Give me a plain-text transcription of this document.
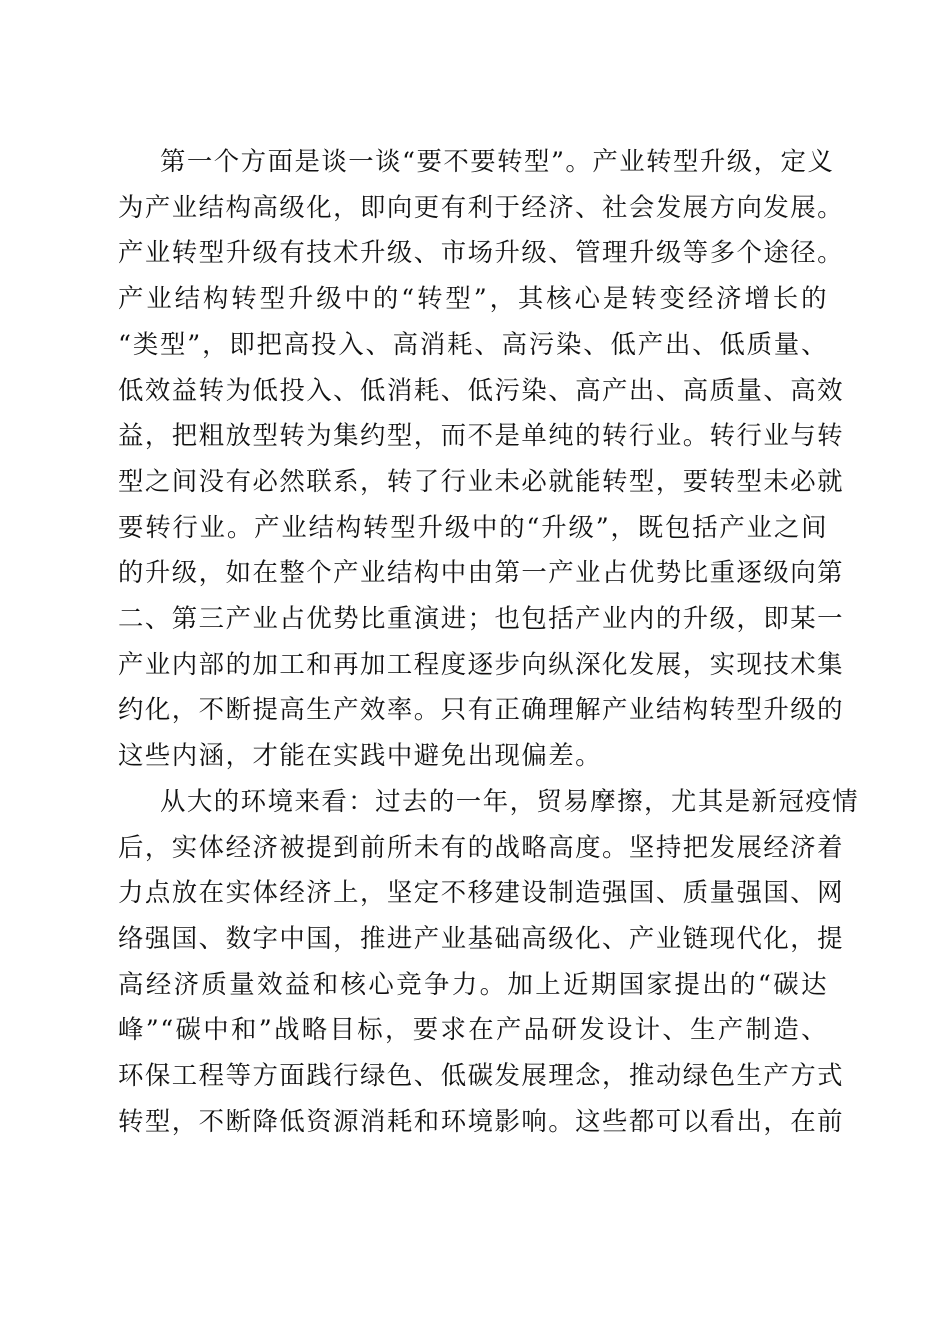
第一个方面是谈一谈“要不要转型”。产业转型升级，定义
为产业结构高级化，即向更有利于经济、社会发展方向发展。
产业转型升级有技术升级、市场升级、管理升级等多个途径。
产业结构转型升级中的“转型”，其核心是转变经济增长的
“类型”，即把高投入、高消耗、高污染、低产出、低质量、
低效益转为低投入、低消耗、低污染、高产出、高质量、高效
益，把粗放型转为集约型，而不是单纯的转行业。转行业与转
型之间没有必然联系，转了行业未必就能转型，要转型未必就
要转行业。产业结构转型升级中的“升级”，既包括产业之间
的升级，如在整个产业结构中由第一产业占优势比重逐级向第
二、第三产业占优势比重演进；也包括产业内的升级，即某一
产业内部的加工和再加工程度逐步向纵深化发展，实现技术集
约化，不断提高生产效率。只有正确理解产业结构转型升级的
这些内涵，才能在实践中避免出现偏差。
从大的环境来看：过去的一年，贸易摩擦，尤其是新冠疫情
后，实体经济被提到前所未有的战略高度。坚持把发展经济着
力点放在实体经济上，坚定不移建设制造强国、质量强国、网
络强国、数字中国，推进产业基础高级化、产业链现代化，提
高经济质量效益和核心竞争力。加上近期国家提出的“碳达
峰”“碳中和”战略目标，要求在产品研发设计、生产制造、
环保工程等方面践行绿色、低碳发展理念，推动绿色生产方式
转型，不断降低资源消耗和环境影响。这些都可以看出，在前
